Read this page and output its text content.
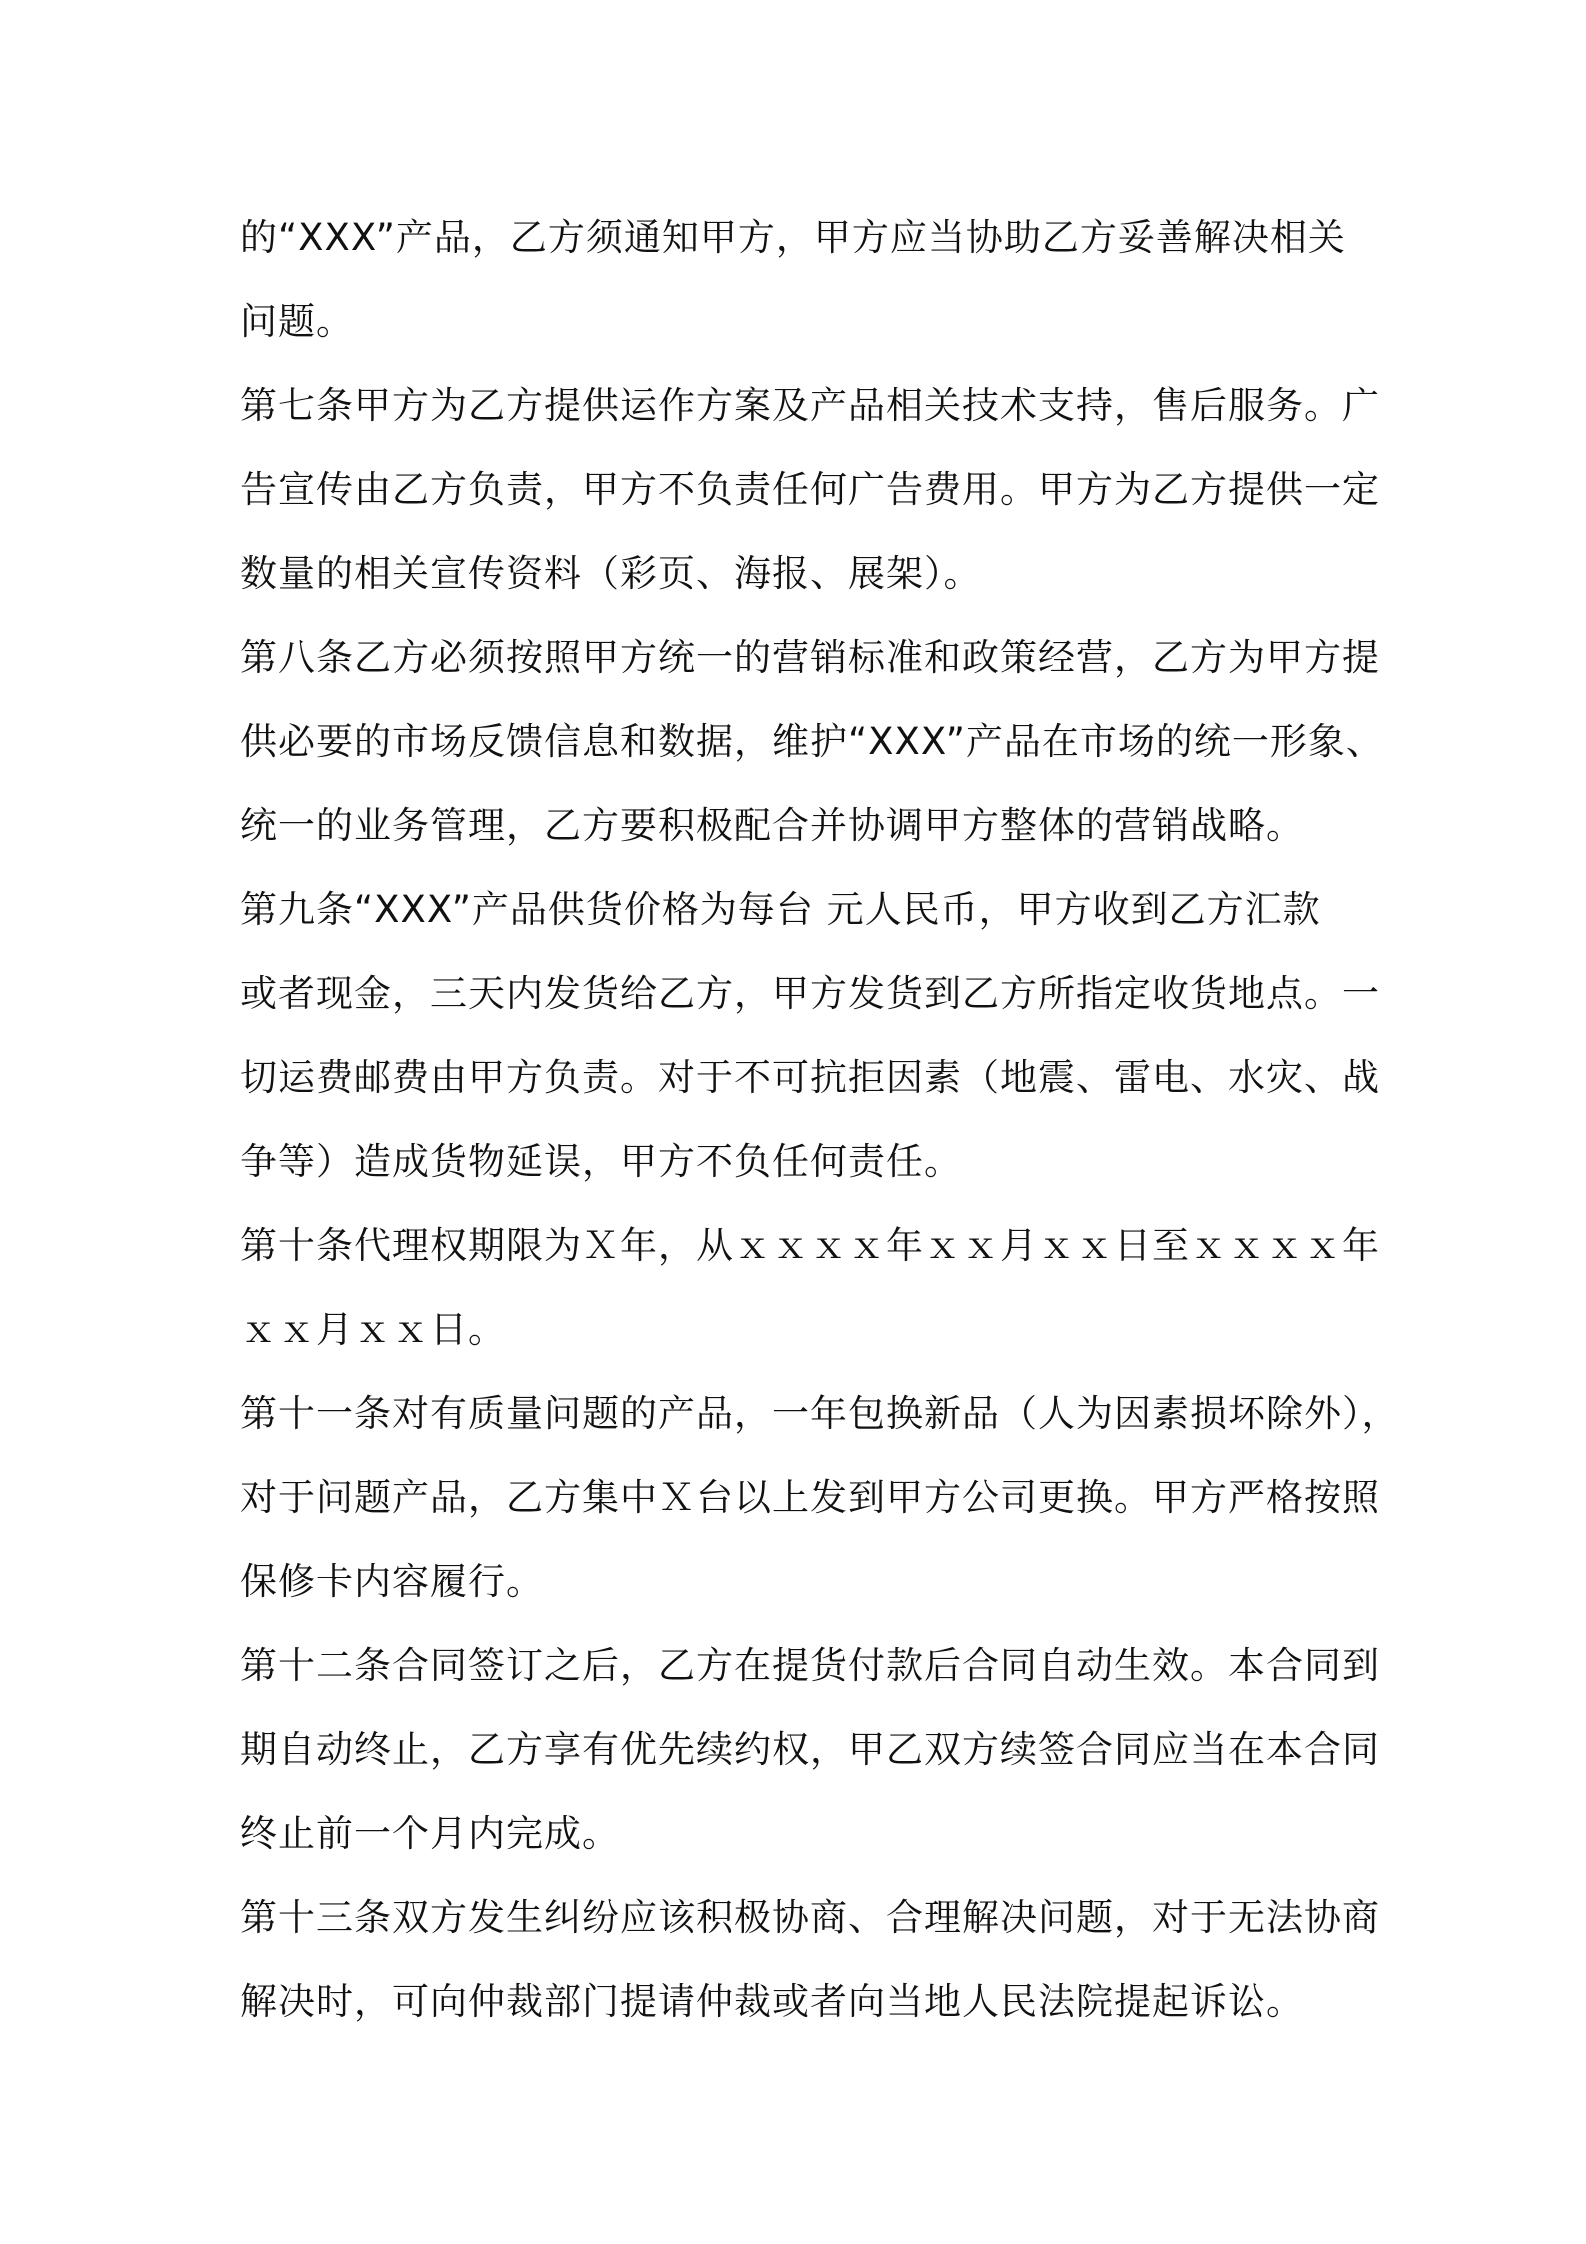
的“XXX”产品，乙方须通知甲方，甲方应当协助乙方妥善解决相关
问题。
第七条甲方为乙方提供运作方案及产品相关技术支持，售后服务。广
告宣传由乙方负责，甲方不负责任何广告费用。甲方为乙方提供一定
数量的相关宣传资料（彩页、海报、展架）。
第八条乙方必须按照甲方统一的营销标准和政策经营，乙方为甲方提
供必要的市场反馈信息和数据，维护“XXX”产品在市场的统一形象、
统一的业务管理，乙方要积极配合并协调甲方整体的营销战略。
第九条“XXX”产品供货价格为每台 元人民币，甲方收到乙方汇款
或者现金，三天内发货给乙方，甲方发货到乙方所指定收货地点。一
切运费邮费由甲方负责。对于不可抗拒因素（地震、雷电、水灾、战
争等）造成货物延误，甲方不负任何责任。
第十条代理权期限为Ｘ年，从ｘｘｘｘ年ｘｘ月ｘｘ日至ｘｘｘｘ年
ｘｘ月ｘｘ日。
第十一条对有质量问题的产品，一年包换新品（人为因素损坏除外），
对于问题产品，乙方集中Ｘ台以上发到甲方公司更换。甲方严格按照
保修卡内容履行。
第十二条合同签订之后，乙方在提货付款后合同自动生效。本合同到
期自动终止，乙方享有优先续约权，甲乙双方续签合同应当在本合同
终止前一个月内完成。
第十三条双方发生纠纷应该积极协商、合理解决问题，对于无法协商
解决时，可向仲裁部门提请仲裁或者向当地人民法院提起诉讼。
